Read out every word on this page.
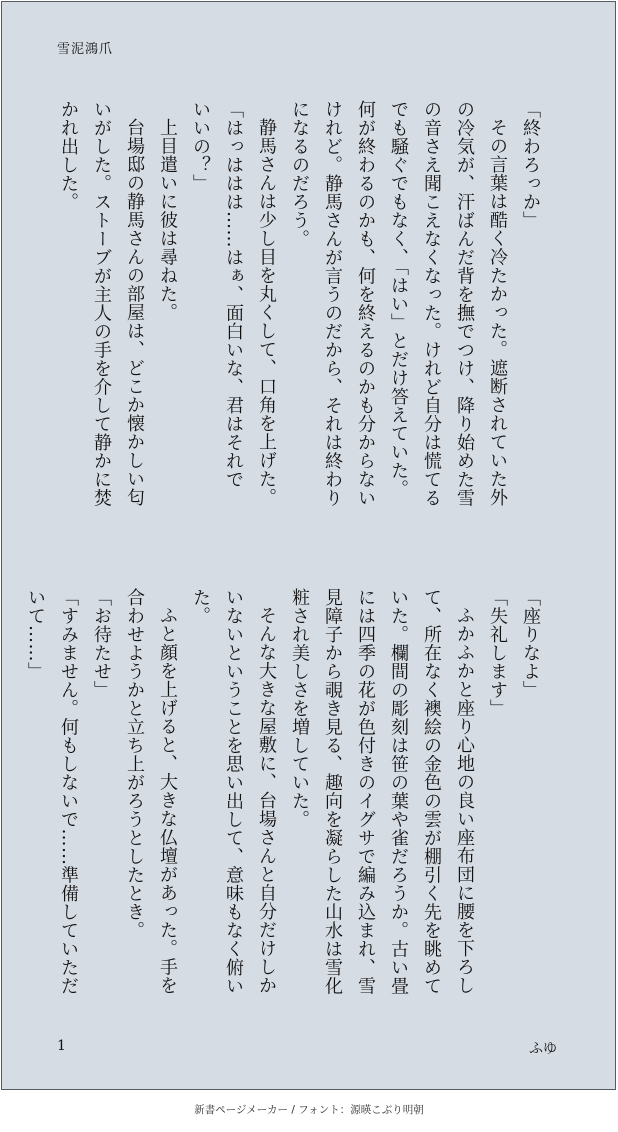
雪泥鴻爪

「終わろっか」

その言葉は酷く冷たかった。遮断されていた外

の冷気が、汗ばんだ背を撫でつけ、降り始めた雪

の音さえ聞こえなくなった。けれど自分は慌てる

でも騒ぐでもなく、「はい」とだけ答えていた。

何が終わるのかも、何を終えるのかも分からない

けれど。静馬さんが言うのだから、それは終わり

になるのだろう。

静馬さんは少し目を丸くして、口角を上げた。

「はっははは……はぁ、面白いな、君はそれで

いいの？」

上目遣いに彼は尋ねた。

台場邸の静馬さんの部屋は、どこか懐かしい匂

いがした。ストーブが主人の手を介して静かに焚

かれ出した。

「座りなよ」

「失礼します」

ふかふかと座り心地の良い座布団に腰を下ろし

て、所在なく襖絵の金色の雲が棚引く先を眺めて

いた。欄間の彫刻は笹の葉や雀だろうか。古い畳

には四季の花が色付きのイグサで編み込まれ、雪

見障子から覗き見る、趣向を凝らした山水は雪化

粧され美しさを増していた。

そんな大きな屋敷に、台場さんと自分だけしか

いないということを思い出して、意味もなく俯い

た。

ふと顔を上げると、大きな仏壇があった。手を

合わせようかと立ち上がろうとしたとき。

「お待たせ」

「すみません。何もしないで……準備していただ

いて……」

1	ふゆ
新書ページメーカー / フォント：源暎こぶり明朝
